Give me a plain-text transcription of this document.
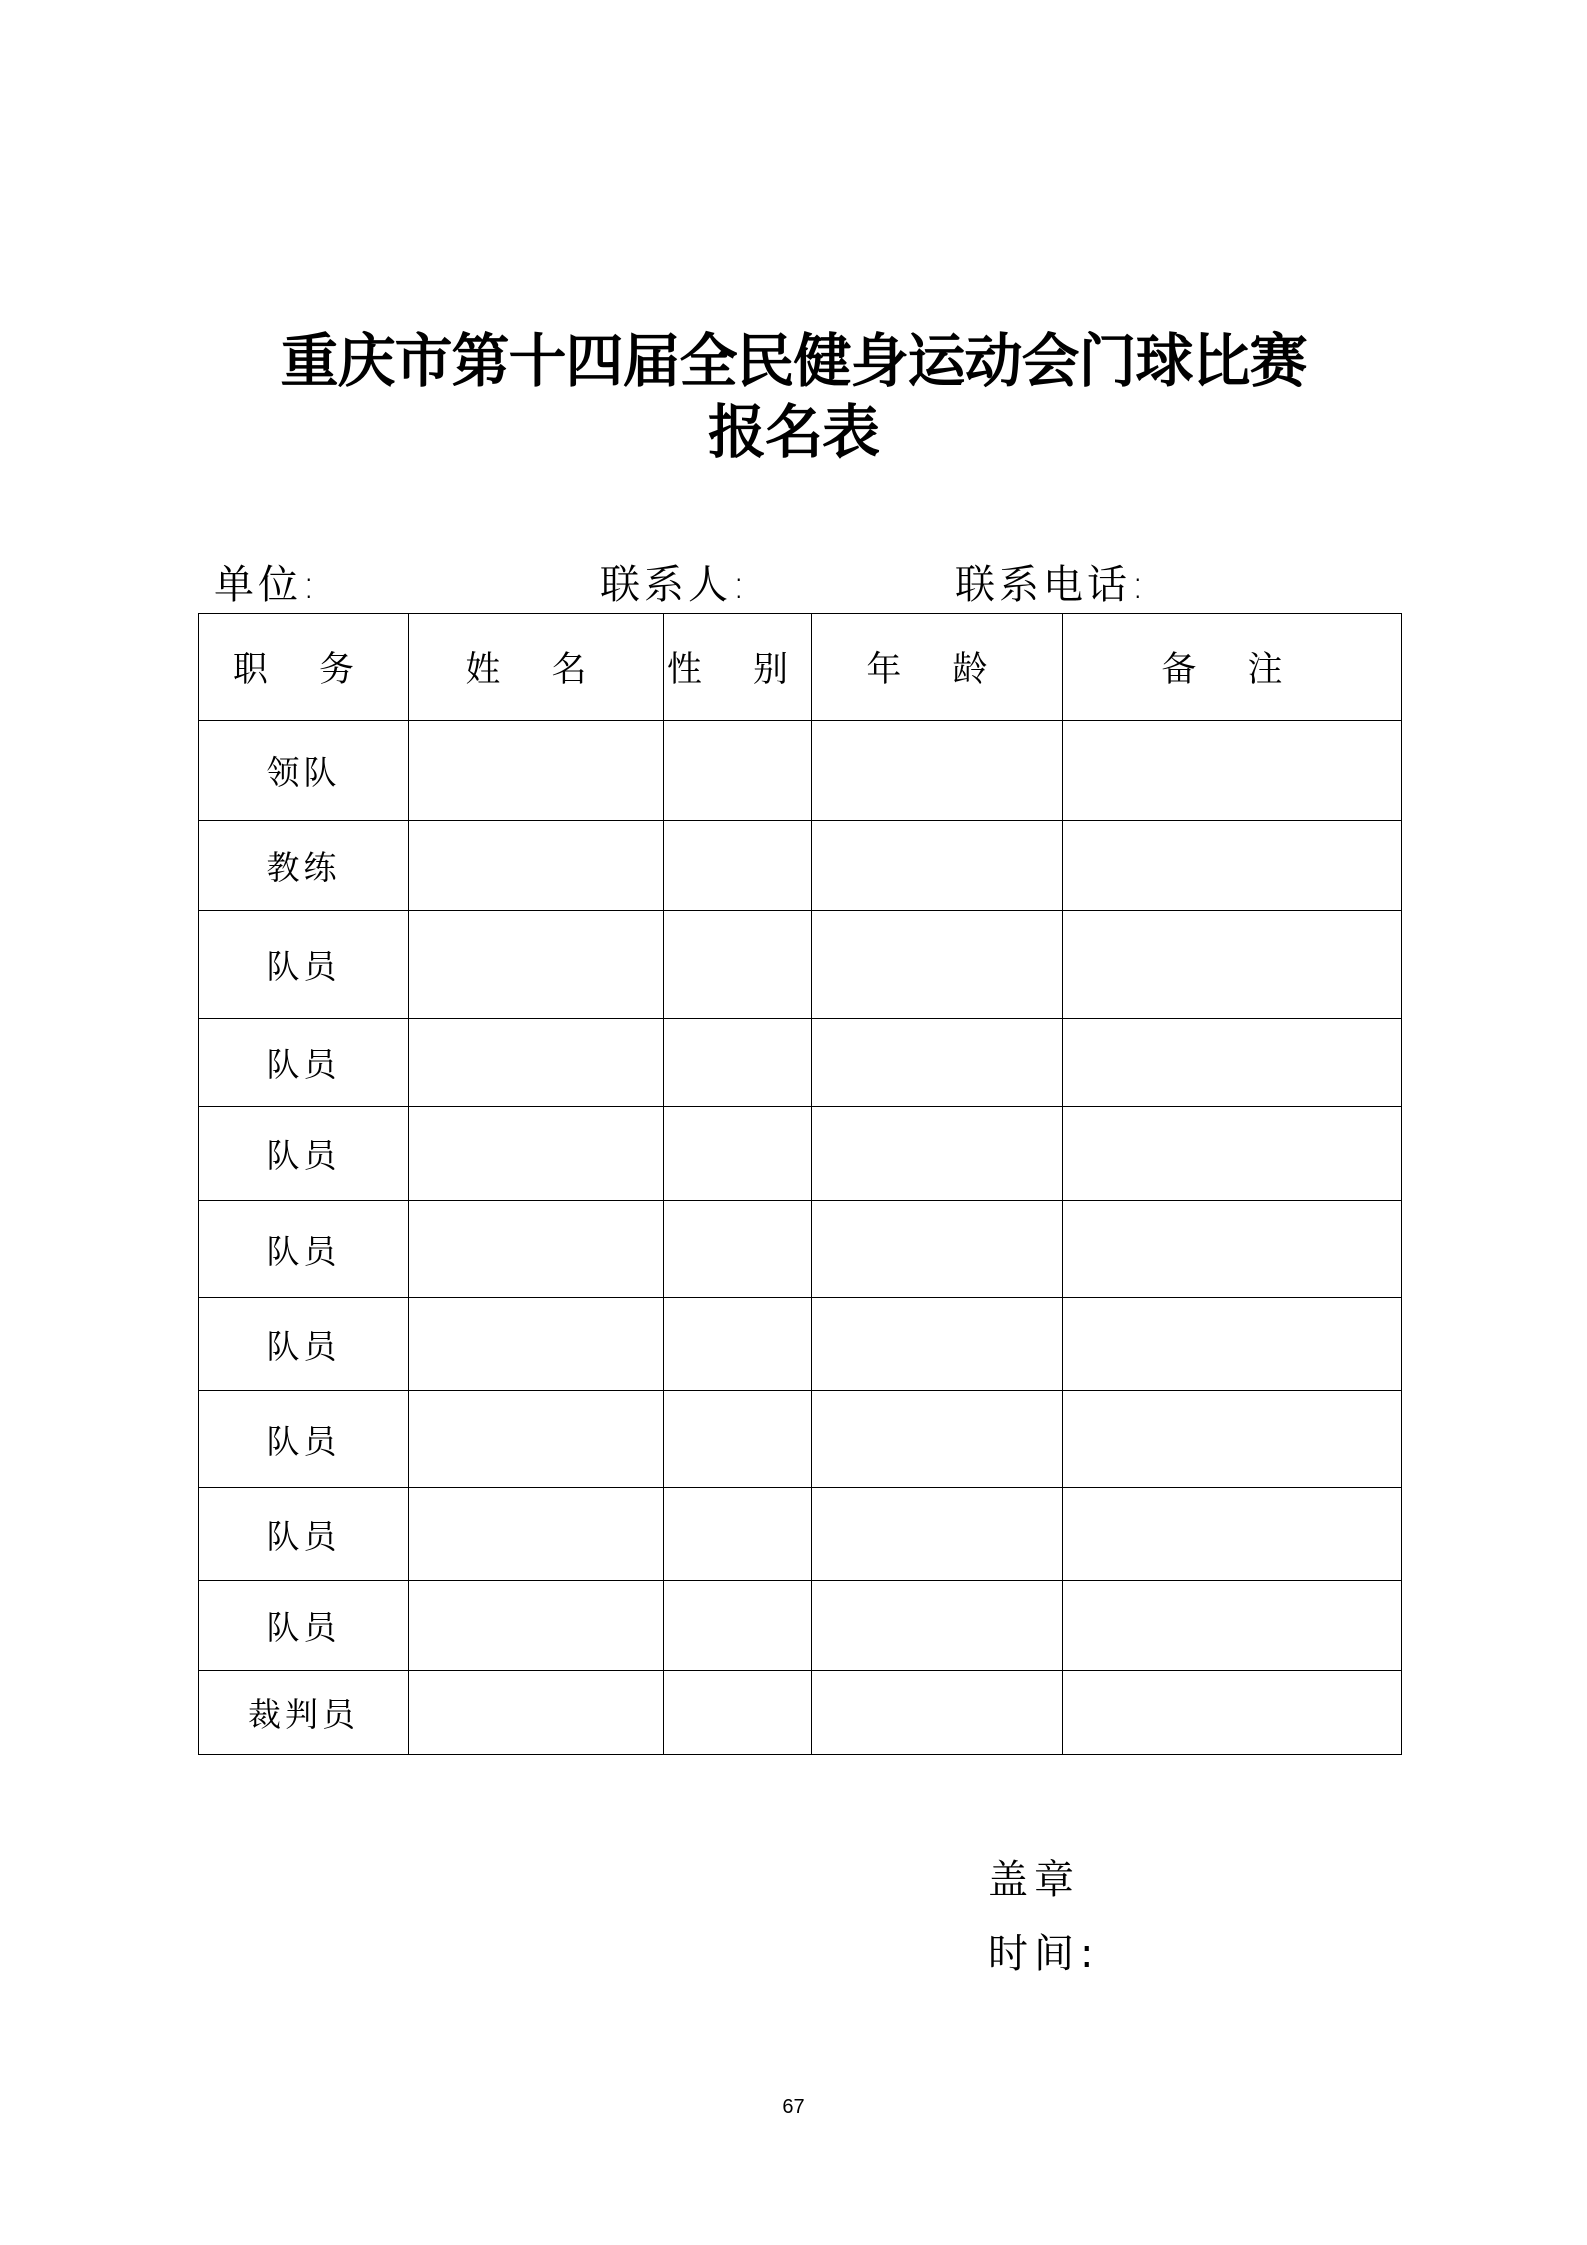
重庆市第十四届全民健身运动会门球比赛
报名表
单位:	联系人:	联系电话:
职 务	姓 名	性 别	年 龄	备 注
领队				
教练				
队员				
队员				
队员				
队员				
队员				
队员				
队员				
队员				
裁判员				
盖章
时间:
67
